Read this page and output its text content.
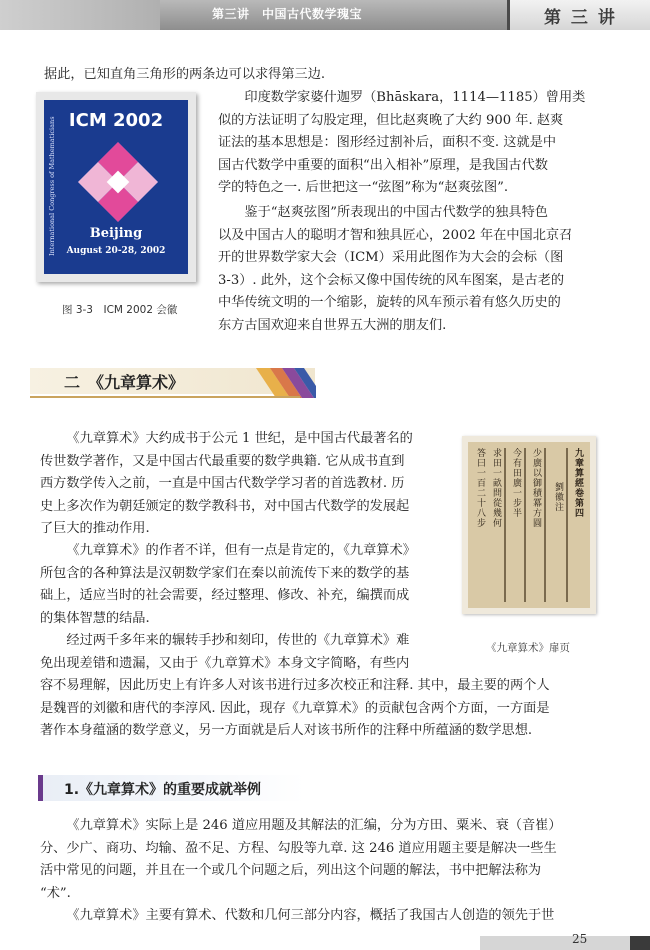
第三讲　中国古代数学瑰宝	第 三 讲

据此，已知直角三角形的两条边可以求得第三边.

ICM 2002
International Congress of Mathematicians	Beijing
August 20-28, 2002
图 3-3　ICM 2002 会徽

印度数学家婆什迦罗（Bhāskara，1114—1185）曾用类

似的方法证明了勾股定理，但比赵爽晚了大约 900 年. 赵爽

证法的基本思想是：图形经过割补后，面积不变. 这就是中

国古代数学中重要的面积“出入相补”原理，是我国古代数

学的特色之一. 后世把这一“弦图”称为“赵爽弦图”.

鉴于“赵爽弦图”所表现出的中国古代数学的独具特色

以及中国古人的聪明才智和独具匠心，2002 年在中国北京召

开的世界数学家大会（ICM）采用此图作为大会的会标（图

3-3）. 此外，这个会标又像中国传统的风车图案，是古老的

中华传统文明的一个缩影，旋转的风车预示着有悠久历史的

东方古国欢迎来自世界五大洲的朋友们.

二　《九章算术》

《九章算术》大约成书于公元 1 世纪，是中国古代最著名的

传世数学著作，又是中国古代最重要的数学典籍. 它从成书直到

西方数学传入之前，一直是中国古代数学学习者的首选教材. 历

史上多次作为朝廷颁定的数学教科书，对中国古代数学的发展起

了巨大的推动作用.

《九章算术》的作者不详，但有一点是肯定的，《九章算术》

所包含的各种算法是汉朝数学家们在秦以前流传下来的数学的基

础上，适应当时的社会需要，经过整理、修改、补充，编撰而成

的集体智慧的结晶.

九章算經卷第四
劉徽注
少廣以御積冪方圓
今有田廣一步半
求田一畝問從幾何
答曰一百二十八步
《九章算术》扉页

经过两千多年来的辗转手抄和刻印，传世的《九章算术》难

免出现差错和遗漏，又由于《九章算术》本身文字简略，有些内

容不易理解，因此历史上有许多人对该书进行过多次校正和注释. 其中，最主要的两个人

是魏晋的刘徽和唐代的李淳风. 因此，现存《九章算术》的贡献包含两个方面，一方面是

著作本身蕴涵的数学意义，另一方面就是后人对该书所作的注释中所蕴涵的数学思想.

1.《九章算术》的重要成就举例

《九章算术》实际上是 246 道应用题及其解法的汇编，分为方田、粟米、衰（音崔）

分、少广、商功、均输、盈不足、方程、勾股等九章. 这 246 道应用题主要是解决一些生

活中常见的问题，并且在一个或几个问题之后，列出这个问题的解法，书中把解法称为

“术”.

《九章算术》主要有算术、代数和几何三部分内容，概括了我国古人创造的领先于世

25
